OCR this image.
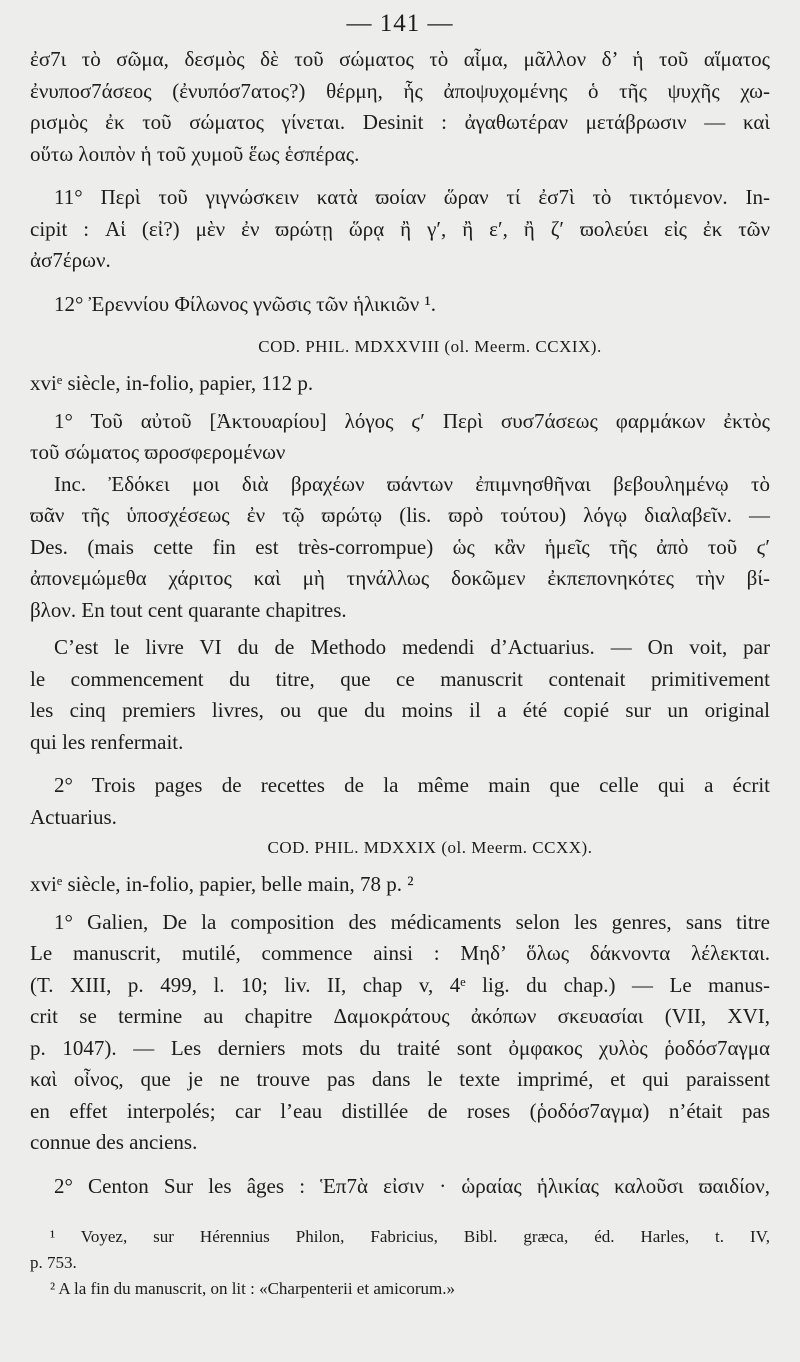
— 141 —
ἐσ7ι τὸ σῶμα, δεσμὸς δὲ τοῦ σώματος τὸ αἷμα, μᾶλλον δ’ ἡ τοῦ αἵματος
ἐνυποσ7άσεος (ἐνυπόσ7ατος?) θέρμη, ἧς ἀποψυχομένης ὁ τῆς ψυχῆς χω-
ρισμὸς ἐκ τοῦ σώματος γίνεται. Desinit : ἀγαθωτέραν μετάβρωσιν — καὶ
οὕτω λοιπὸν ἡ τοῦ χυμοῦ ἕως ἑσπέρας.
11° Περὶ τοῦ γιγνώσκειν κατὰ ϖοίαν ὥραν τί ἐσ7ὶ τὸ τικτόμενον. In-
cipit : Αἱ (εἰ?) μὲν ἐν ϖρώτῃ ὥρᾳ ἢ γ′, ἢ ε′, ἢ ζ′ ϖολεύει εἰς ἐκ τῶν
ἀσ7έρων.
12° Ἐρεννίου Φίλωνος γνῶσις τῶν ἡλικιῶν ¹.
COD. PHIL. MDXXVIII (ol. Meerm. CCXIX).
xviᵉ siècle, in-folio, papier, 112 p.
1° Τοῦ αὐτοῦ [Ἀκτουαρίου] λόγος ϛ′ Περὶ συσ7άσεως φαρμάκων ἐκτὸς
τοῦ σώματος ϖροσφερομένων
Inc. Ἐδόκει μοι διὰ βραχέων ϖάντων ἐπιμνησθῆναι βεβουλημένῳ τὸ
ϖᾶν τῆς ὑποσχέσεως ἐν τῷ ϖρώτῳ (lis. ϖρὸ τούτου) λόγῳ διαλαβεῖν. —
Des. (mais cette fin est très-corrompue) ὡς κἂν ἡμεῖς τῆς ἀπὸ τοῦ ϛ′
ἀπονεμώμεθα χάριτος καὶ μὴ τηνάλλως δοκῶμεν ἐκπεπονηκότες τὴν βί-
βλον. En tout cent quarante chapitres.
C’est le livre VI du de Methodo medendi d’Actuarius. — On voit, par
le commencement du titre, que ce manuscrit contenait primitivement
les cinq premiers livres, ou que du moins il a été copié sur un original
qui les renfermait.
2° Trois pages de recettes de la même main que celle qui a écrit
Actuarius.
COD. PHIL. MDXXIX (ol. Meerm. CCXX).
xviᵉ siècle, in-folio, papier, belle main, 78 p. ²
1° Galien, De la composition des médicaments selon les genres, sans titre
Le manuscrit, mutilé, commence ainsi : Μηδ’ ὅλως δάκνοντα λέλεκται.
(T. XIII, p. 499, l. 10; liv. II, chap v, 4ᵉ lig. du chap.) — Le manus-
crit se termine au chapitre Δαμοκράτους ἀκόπων σκευασίαι (VII, XVI,
p. 1047). — Les derniers mots du traité sont ὀμφακος χυλὸς ῥοδόσ7αγμα
καὶ οἶνος, que je ne trouve pas dans le texte imprimé, et qui paraissent
en effet interpolés; car l’eau distillée de roses (ῥοδόσ7αγμα) n’était pas
connue des anciens.
2° Centon Sur les âges : Ἑπ7ὰ εἰσιν · ὡραίας ἡλικίας καλοῦσι ϖαιδίον,
¹ Voyez, sur Hérennius Philon, Fabricius, Bibl. græca, éd. Harles, t. IV,
p. 753.
² A la fin du manuscrit, on lit : «Charpenterii et amicorum.»
